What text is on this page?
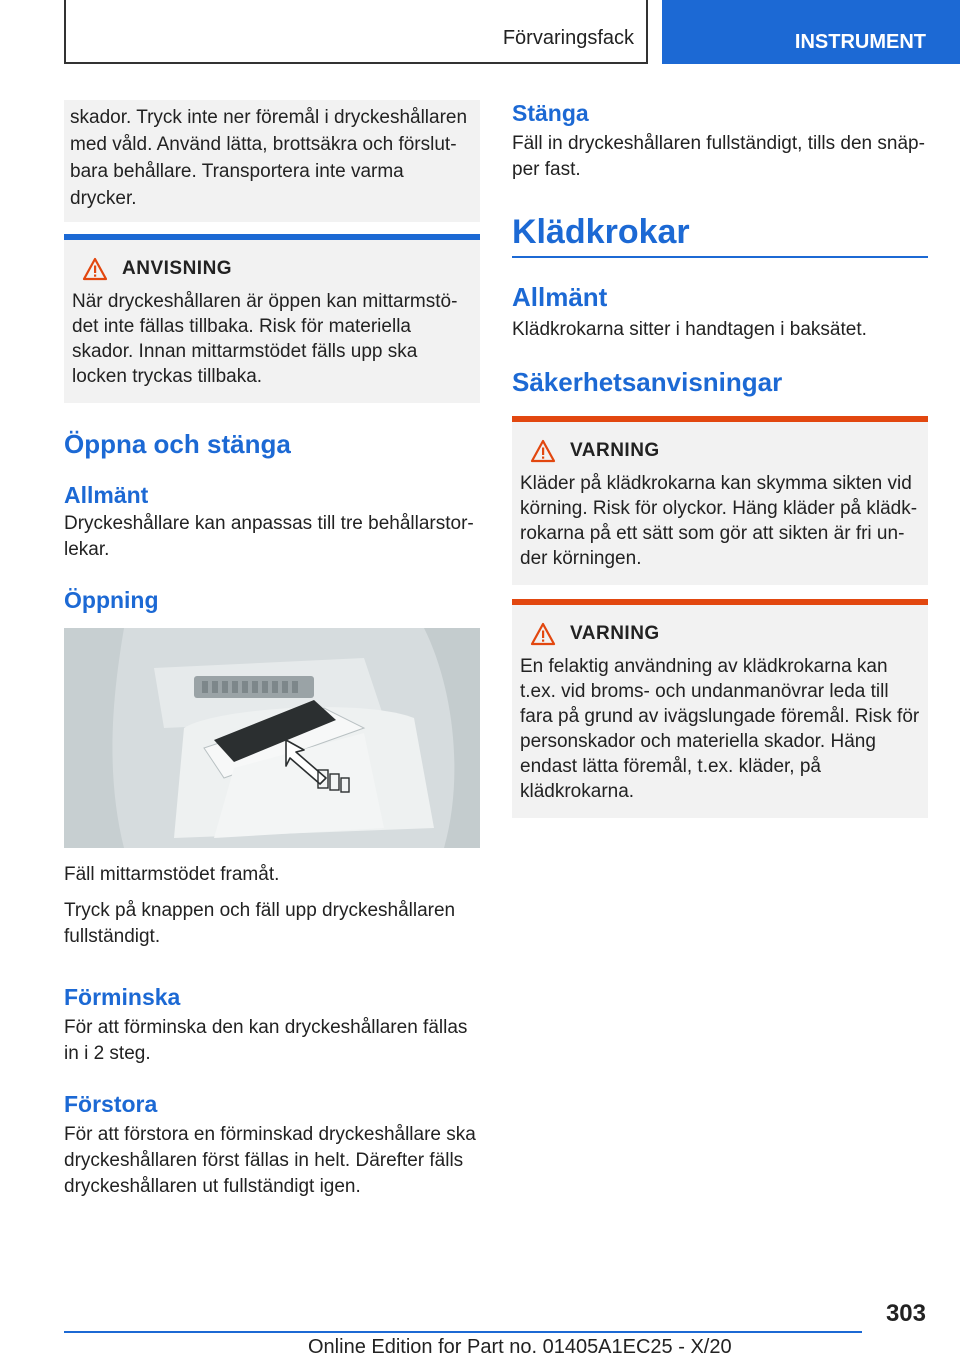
Förvaringsfack	INSTRUMENT
skador. Tryck inte ner föremål i dryckeshållaren med våld. Använd lätta, brottsäkra och förslutbara behållare. Transportera inte varma drycker.
ANVISNING
När dryckeshållaren är öppen kan mittarmstödet inte fällas tillbaka. Risk för materiella skador. Innan mittarmstödet fälls upp ska locken tryckas tillbaka.
Öppna och stänga
Allmänt

Dryckeshållare kan anpassas till tre behållarstorlekar.

Öppning

Fäll mittarmstödet framåt.

Tryck på knappen och fäll upp dryckeshållaren fullständigt.

Förminska

För att förminska den kan dryckeshållaren fällas in i 2 steg.

Förstora

För att förstora en förminskad dryckeshållare ska dryckeshållaren först fällas in helt. Därefter fälls dryckeshållaren ut fullständigt igen.

Stänga

Fäll in dryckeshållaren fullständigt, tills den snäpper fast.

Klädkrokar
Allmänt

Klädkrokarna sitter i handtagen i baksätet.

Säkerhetsanvisningar
VARNING
Kläder på klädkrokarna kan skymma sikten vid körning. Risk för olyckor. Häng kläder på klädkrokarna på ett sätt som gör att sikten är fri under körningen.
VARNING
En felaktig användning av klädkrokarna kan t.ex. vid broms- och undanmanövrar leda till fara på grund av ivägslungade föremål. Risk för personskador och materiella skador. Häng endast lätta föremål, t.ex. kläder, på klädkrokarna.
303
Online Edition for Part no. 01405A1EC25 - X/20
